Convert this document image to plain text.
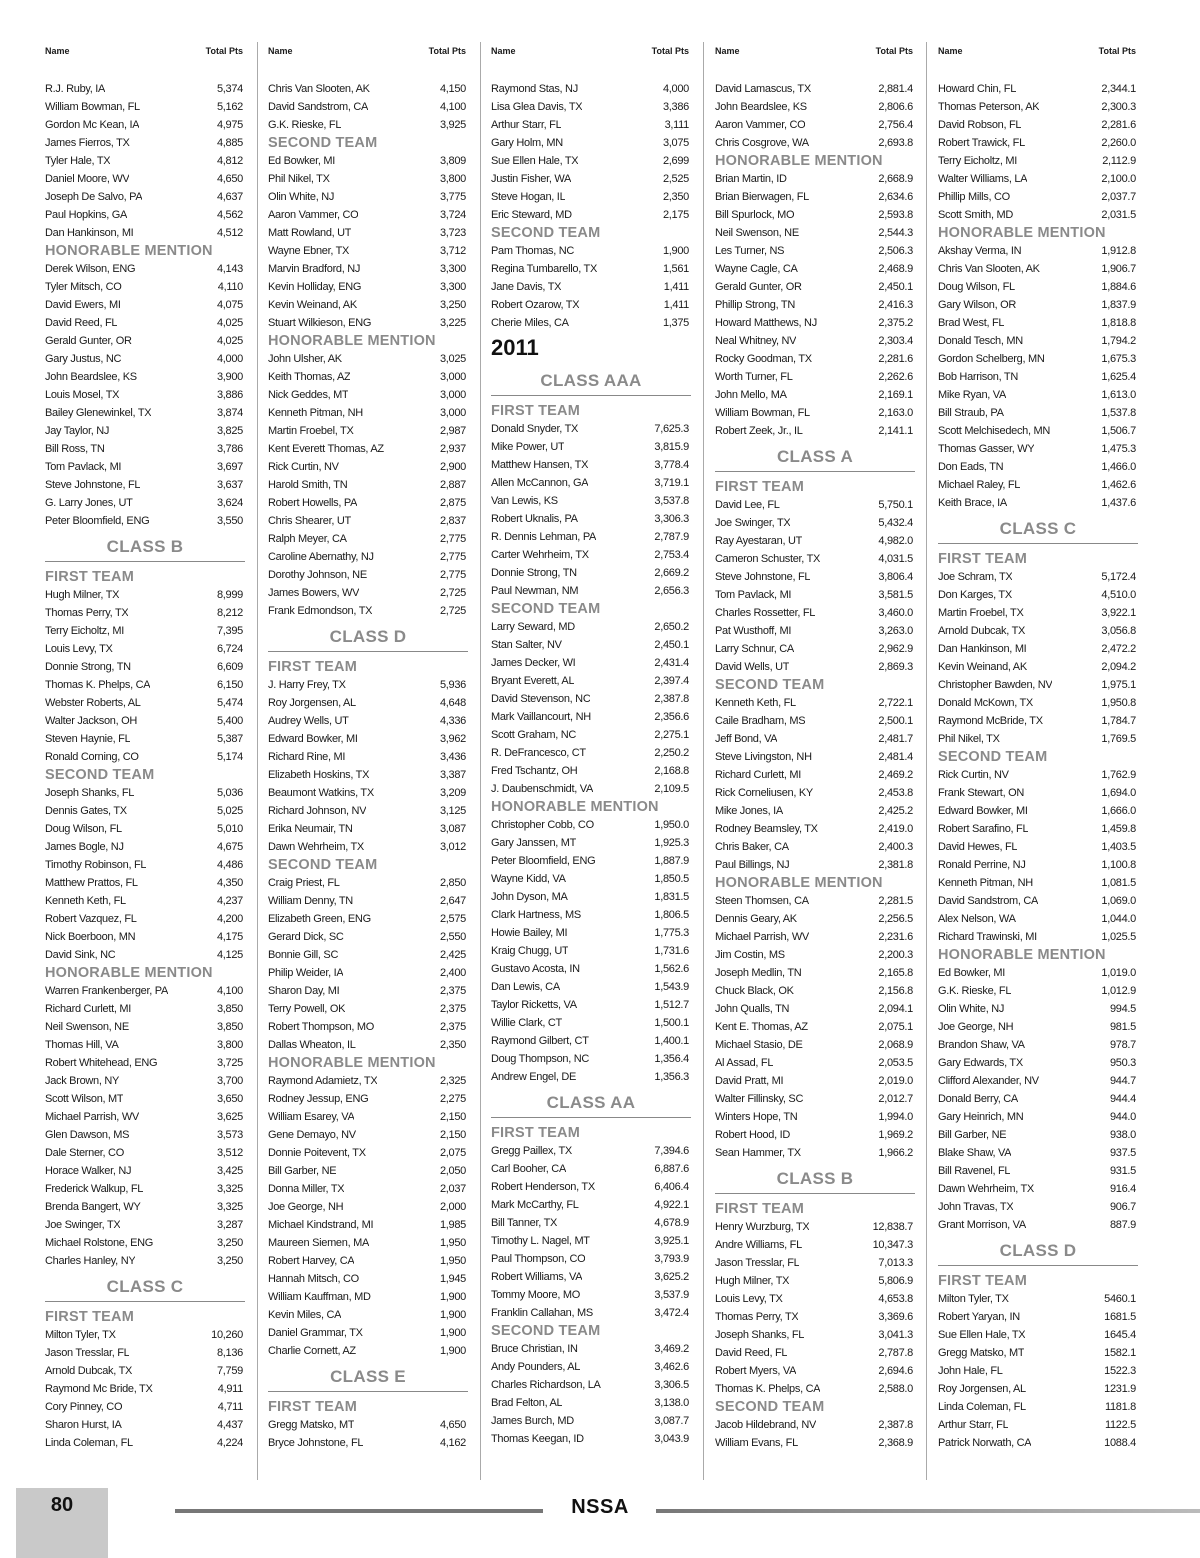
Name	Total Pts
R.J. Ruby, IA	5,374
William Bowman, FL	5,162
Gordon Mc Kean, IA	4,975
James Fierros, TX	4,885
Tyler Hale, TX	4,812
Daniel Moore, WV	4,650
Joseph De Salvo, PA	4,637
Paul Hopkins, GA	4,562
Dan Hankinson, MI	4,512
HONORABLE MENTION
Derek Wilson, ENG	4,143
Tyler Mitsch, CO	4,110
David Ewers, MI	4,075
David Reed, FL	4,025
Gerald Gunter, OR	4,025
Gary Justus, NC	4,000
John Beardslee, KS	3,900
Louis Mosel, TX	3,886
Bailey Glenewinkel, TX	3,874
Jay Taylor, NJ	3,825
Bill Ross, TN	3,786
Tom Pavlack, MI	3,697
Steve Johnstone, FL	3,637
G. Larry Jones, UT	3,624
Peter Bloomfield, ENG	3,550
CLASS B
FIRST TEAM
Hugh Milner, TX	8,999
Thomas Perry, TX	8,212
Terry Eicholtz, MI	7,395
Louis Levy, TX	6,724
Donnie Strong, TN	6,609
Thomas K. Phelps, CA	6,150
Webster Roberts, AL	5,474
Walter Jackson, OH	5,400
Steven Haynie, FL	5,387
Ronald Corning, CO	5,174
SECOND TEAM
Joseph Shanks, FL	5,036
Dennis Gates, TX	5,025
Doug Wilson, FL	5,010
James Bogle, NJ	4,675
Timothy Robinson, FL	4,486
Matthew Prattos, FL	4,350
Kenneth Keth, FL	4,237
Robert Vazquez, FL	4,200
Nick Boerboon, MN	4,175
David Sink, NC	4,125
HONORABLE MENTION
Warren Frankenberger, PA	4,100
Richard Curlett, MI	3,850
Neil Swenson, NE	3,850
Thomas Hill, VA	3,800
Robert Whitehead, ENG	3,725
Jack Brown, NY	3,700
Scott Wilson, MT	3,650
Michael Parrish, WV	3,625
Glen Dawson, MS	3,573
Dale Sterner, CO	3,512
Horace Walker, NJ	3,425
Frederick Walkup, FL	3,325
Brenda Bangert, WY	3,325
Joe Swinger, TX	3,287
Michael Rolstone, ENG	3,250
Charles Hanley, NY	3,250
CLASS C
FIRST TEAM
Milton Tyler, TX	10,260
Jason Tresslar, FL	8,136
Arnold Dubcak, TX	7,759
Raymond Mc Bride, TX	4,911
Cory Pinney, CO	4,711
Sharon Hurst, IA	4,437
Linda Coleman, FL	4,224
Name	Total Pts
Chris Van Slooten, AK	4,150
David Sandstrom, CA	4,100
G.K. Rieske, FL	3,925
SECOND TEAM
Ed Bowker, MI	3,809
Phil Nikel, TX	3,800
Olin White, NJ	3,775
Aaron Vammer, CO	3,724
Matt Rowland, UT	3,723
Wayne Ebner, TX	3,712
Marvin Bradford, NJ	3,300
Kevin Holliday, ENG	3,300
Kevin Weinand, AK	3,250
Stuart Wilkieson, ENG	3,225
HONORABLE MENTION
John Ulsher, AK	3,025
Keith Thomas, AZ	3,000
Nick Geddes, MT	3,000
Kenneth Pitman, NH	3,000
Martin Froebel, TX	2,987
Kent Everett Thomas, AZ	2,937
Rick Curtin, NV	2,900
Harold Smith, TN	2,887
Robert Howells, PA	2,875
Chris Shearer, UT	2,837
Ralph Meyer, CA	2,775
Caroline Abernathy, NJ	2,775
Dorothy Johnson, NE	2,775
James Bowers, WV	2,725
Frank Edmondson, TX	2,725
CLASS D
FIRST TEAM
J. Harry Frey, TX	5,936
Roy Jorgensen, AL	4,648
Audrey Wells, UT	4,336
Edward Bowker, MI	3,962
Richard Rine, MI	3,436
Elizabeth Hoskins, TX	3,387
Beaumont Watkins, TX	3,209
Richard Johnson, NV	3,125
Erika Neumair, TN	3,087
Dawn Wehrheim, TX	3,012
SECOND TEAM
Craig Priest, FL	2,850
William Denny, TN	2,647
Elizabeth Green, ENG	2,575
Gerard Dick, SC	2,550
Bonnie Gill, SC	2,425
Philip Weider, IA	2,400
Sharon Day, MI	2,375
Terry Powell, OK	2,375
Robert Thompson, MO	2,375
Dallas Wheaton, IL	2,350
HONORABLE MENTION
Raymond Adamietz, TX	2,325
Rodney Jessup, ENG	2,275
William Esarey, VA	2,150
Gene Demayo, NV	2,150
Donnie Poitevent, TX	2,075
Bill Garber, NE	2,050
Donna Miller, TX	2,037
Joe George, NH	2,000
Michael Kindstrand, MI	1,985
Maureen Siemen, MA	1,950
Robert Harvey, CA	1,950
Hannah Mitsch, CO	1,945
William Kauffman, MD	1,900
Kevin Miles, CA	1,900
Daniel Grammar, TX	1,900
Charlie Cornett, AZ	1,900
CLASS E
FIRST TEAM
Gregg Matsko, MT	4,650
Bryce Johnstone, FL	4,162
Name	Total Pts
Raymond Stas, NJ	4,000
Lisa Glea Davis, TX	3,386
Arthur Starr, FL	3,111
Gary Holm, MN	3,075
Sue Ellen Hale, TX	2,699
Justin Fisher, WA	2,525
Steve Hogan, IL	2,350
Eric Steward, MD	2,175
SECOND TEAM
Pam Thomas, NC	1,900
Regina Tumbarello, TX	1,561
Jane Davis, TX	1,411
Robert Ozarow, TX	1,411
Cherie Miles, CA	1,375
2011
CLASS AAA
FIRST TEAM
Donald Snyder, TX	7,625.3
Mike Power, UT	3,815.9
Matthew Hansen, TX	3,778.4
Allen McCannon, GA	3,719.1
Van Lewis, KS	3,537.8
Robert Uknalis, PA	3,306.3
R. Dennis Lehman, PA	2,787.9
Carter Wehrheim, TX	2,753.4
Donnie Strong, TN	2,669.2
Paul Newman, NM	2,656.3
SECOND TEAM
Larry Seward, MD	2,650.2
Stan Salter, NV	2,450.1
James Decker, WI	2,431.4
Bryant Everett, AL	2,397.4
David Stevenson, NC	2,387.8
Mark Vaillancourt, NH	2,356.6
Scott Graham, NC	2,275.1
R. DeFrancesco, CT	2,250.2
Fred Tschantz, OH	2,168.8
J. Daubenschmidt, VA	2,109.5
HONORABLE MENTION
Christopher Cobb, CO	1,950.0
Gary Janssen, MT	1,925.3
Peter Bloomfield, ENG	1,887.9
Wayne Kidd, VA	1,850.5
John Dyson, MA	1,831.5
Clark Hartness, MS	1,806.5
Howie Bailey, MI	1,775.3
Kraig Chugg, UT	1,731.6
Gustavo Acosta, IN	1,562.6
Dan Lewis, CA	1,543.9
Taylor Ricketts, VA	1,512.7
Willie Clark, CT	1,500.1
Raymond Gilbert, CT	1,400.1
Doug Thompson, NC	1,356.4
Andrew Engel, DE	1,356.3
CLASS AA
FIRST TEAM
Gregg Paillex, TX	7,394.6
Carl Booher, CA	6,887.6
Robert Henderson, TX	6,406.4
Mark McCarthy, FL	4,922.1
Bill Tanner, TX	4,678.9
Timothy L. Nagel, MT	3,925.1
Paul Thompson, CO	3,793.9
Robert Williams, VA	3,625.2
Tommy Moore, MO	3,537.9
Franklin Callahan, MS	3,472.4
SECOND TEAM
Bruce Christian, IN	3,469.2
Andy Pounders, AL	3,462.6
Charles Richardson, LA	3,306.5
Brad Felton, AL	3,138.0
James Burch, MD	3,087.7
Thomas Keegan, ID	3,043.9
Name	Total Pts
David Lamascus, TX	2,881.4
John Beardslee, KS	2,806.6
Aaron Vammer, CO	2,756.4
Chris Cosgrove, WA	2,693.8
HONORABLE MENTION
Brian Martin, ID	2,668.9
Brian Bierwagen, FL	2,634.6
Bill Spurlock, MO	2,593.8
Neil Swenson, NE	2,544.3
Les Turner, NS	2,506.3
Wayne Cagle, CA	2,468.9
Gerald Gunter, OR	2,450.1
Phillip Strong, TN	2,416.3
Howard Matthews, NJ	2,375.2
Neal Whitney, NV	2,303.4
Rocky Goodman, TX	2,281.6
Worth Turner, FL	2,262.6
John Mello, MA	2,169.1
William Bowman, FL	2,163.0
Robert Zeek, Jr., IL	2,141.1
CLASS A
FIRST TEAM
David Lee, FL	5,750.1
Joe Swinger, TX	5,432.4
Ray Ayestaran, UT	4,982.0
Cameron Schuster, TX	4,031.5
Steve Johnstone, FL	3,806.4
Tom Pavlack, MI	3,581.5
Charles Rossetter, FL	3,460.0
Pat Wusthoff, MI	3,263.0
Larry Schnur, CA	2,962.9
David Wells, UT	2,869.3
SECOND TEAM
Kenneth Keth, FL	2,722.1
Caile Bradham, MS	2,500.1
Jeff Bond, VA	2,481.7
Steve Livingston, NH	2,481.4
Richard Curlett, MI	2,469.2
Rick Corneliusen, KY	2,453.8
Mike Jones, IA	2,425.2
Rodney Beamsley, TX	2,419.0
Chris Baker, CA	2,400.3
Paul Billings, NJ	2,381.8
HONORABLE MENTION
Steen Thomsen, CA	2,281.5
Dennis Geary, AK	2,256.5
Michael Parrish, WV	2,231.6
Jim Costin, MS	2,200.3
Joseph Medlin, TN	2,165.8
Chuck Black, OK	2,156.8
John Qualls, TN	2,094.1
Kent E. Thomas, AZ	2,075.1
Michael Stasio, DE	2,068.9
Al Assad, FL	2,053.5
David Pratt, MI	2,019.0
Walter Fillinsky, SC	2,012.7
Winters Hope, TN	1,994.0
Robert Hood, ID	1,969.2
Sean Hammer, TX	1,966.2
CLASS B
FIRST TEAM
Henry Wurzburg, TX	12,838.7
Andre Williams, FL	10,347.3
Jason Tresslar, FL	7,013.3
Hugh Milner, TX	5,806.9
Louis Levy, TX	4,653.8
Thomas Perry, TX	3,369.6
Joseph Shanks, FL	3,041.3
David Reed, FL	2,787.8
Robert Myers, VA	2,694.6
Thomas K. Phelps, CA	2,588.0
SECOND TEAM
Jacob Hildebrand, NV	2,387.8
William Evans, FL	2,368.9
Name	Total Pts
Howard Chin, FL	2,344.1
Thomas Peterson, AK	2,300.3
David Robson, FL	2,281.6
Robert Trawick, FL	2,260.0
Terry Eicholtz, MI	2,112.9
Walter Williams, LA	2,100.0
Phillip Mills, CO	2,037.7
Scott Smith, MD	2,031.5
HONORABLE MENTION
Akshay Verma, IN	1,912.8
Chris Van Slooten, AK	1,906.7
Doug Wilson, FL	1,884.6
Gary Wilson, OR	1,837.9
Brad West, FL	1,818.8
Donald Tesch, MN	1,794.2
Gordon Schelberg, MN	1,675.3
Bob Harrison, TN	1,625.4
Mike Ryan, VA	1,613.0
Bill Straub, PA	1,537.8
Scott Melchisedech, MN	1,506.7
Thomas Gasser, WY	1,475.3
Don Eads, TN	1,466.0
Michael Raley, FL	1,462.6
Keith Brace, IA	1,437.6
CLASS C
FIRST TEAM
Joe Schram, TX	5,172.4
Don Karges, TX	4,510.0
Martin Froebel, TX	3,922.1
Arnold Dubcak, TX	3,056.8
Dan Hankinson, MI	2,472.2
Kevin Weinand, AK	2,094.2
Christopher Bawden, NV	1,975.1
Donald McKown, TX	1,950.8
Raymond McBride, TX	1,784.7
Phil Nikel, TX	1,769.5
SECOND TEAM
Rick Curtin, NV	1,762.9
Frank Stewart, ON	1,694.0
Edward Bowker, MI	1,666.0
Robert Sarafino, FL	1,459.8
David Hewes, FL	1,403.5
Ronald Perrine, NJ	1,100.8
Kenneth Pitman, NH	1,081.5
David Sandstrom, CA	1,069.0
Alex Nelson, WA	1,044.0
Richard Trawinski, MI	1,025.5
HONORABLE MENTION
Ed Bowker, MI	1,019.0
G.K. Rieske, FL	1,012.9
Olin White, NJ	994.5
Joe George, NH	981.5
Brandon Shaw, VA	978.7
Gary Edwards, TX	950.3
Clifford Alexander, NV	944.7
Donald Berry, CA	944.4
Gary Heinrich, MN	944.0
Bill Garber, NE	938.0
Blake Shaw, VA	937.5
Bill Ravenel, FL	931.5
Dawn Wehrheim, TX	916.4
John Travas, TX	906.7
Grant Morrison, VA	887.9
CLASS D
FIRST TEAM
Milton Tyler, TX	5460.1
Robert Yaryan, IN	1681.5
Sue Ellen Hale, TX	1645.4
Gregg Matsko, MT	1582.1
John Hale, FL	1522.3
Roy Jorgensen, AL	1231.9
Linda Coleman, FL	1181.8
Arthur Starr, FL	1122.5
Patrick Norwath, CA	1088.4
80	NSSA
